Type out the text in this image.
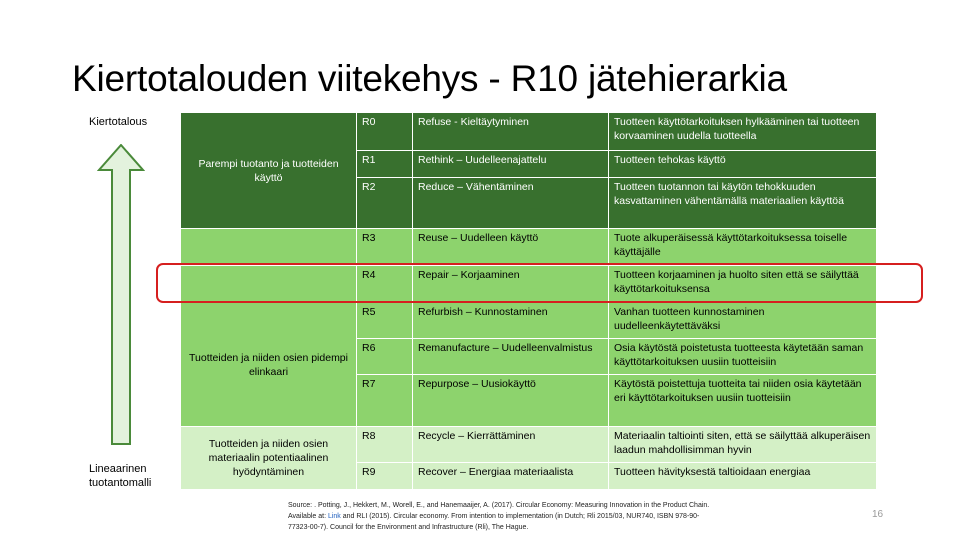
Kiertotalouden viitekehys - R10 jätehierarkia
Kiertotalous
Lineaarinen
tuotantomalli
Parempi tuotanto ja tuotteiden käyttö	R0	Refuse - Kieltäytyminen	Tuotteen käyttötarkoituksen hylkääminen tai tuotteen korvaaminen uudella tuotteella
	R1	Rethink – Uudelleenajattelu	Tuotteen tehokas käyttö
	R2	Reduce – Vähentäminen	Tuotteen tuotannon tai käytön tehokkuuden kasvattaminen vähentämällä materiaalien käyttöä
	R3	Reuse – Uudelleen käyttö	Tuote alkuperäisessä käyttötarkoituksessa toiselle käyttäjälle
	R4	Repair – Korjaaminen	Tuotteen korjaaminen ja huolto siten että se säilyttää käyttötarkoituksensa
Tuotteiden ja niiden osien pidempi elinkaari	R5	Refurbish – Kunnostaminen	Vanhan tuotteen kunnostaminen uudelleenkäytettäväksi
	R6	Remanufacture – Uudelleenvalmistus	Osia käytöstä poistetusta tuotteesta käytetään saman käyttötarkoituksen uusiin tuotteisiin
	R7	Repurpose – Uusiokäyttö	Käytöstä poistettuja tuotteita tai niiden osia käytetään eri käyttötarkoituksen uusiin tuotteisiin
Tuotteiden ja niiden osien materiaalin potentiaalinen hyödyntäminen	R8	Recycle – Kierrättäminen	Materiaalin taltiointi siten, että se säilyttää alkuperäisen laadun mahdollisimman hyvin
	R9	Recover – Energiaa materiaalista	Tuotteen hävityksestä taltioidaan energiaa
Source: . Potting, J., Hekkert, M., Worell, E., and Hanemaaijer, A. (2017). Circular Economy: Measuring Innovation in the Product Chain.
Available at: Link and RLI (2015). Circular economy. From intention to implementation (in Dutch; Rli 2015/03, NUR740, ISBN 978-90-
77323-00-7). Council for the Environment and Infrastructure (Rli), The Hague.
16
